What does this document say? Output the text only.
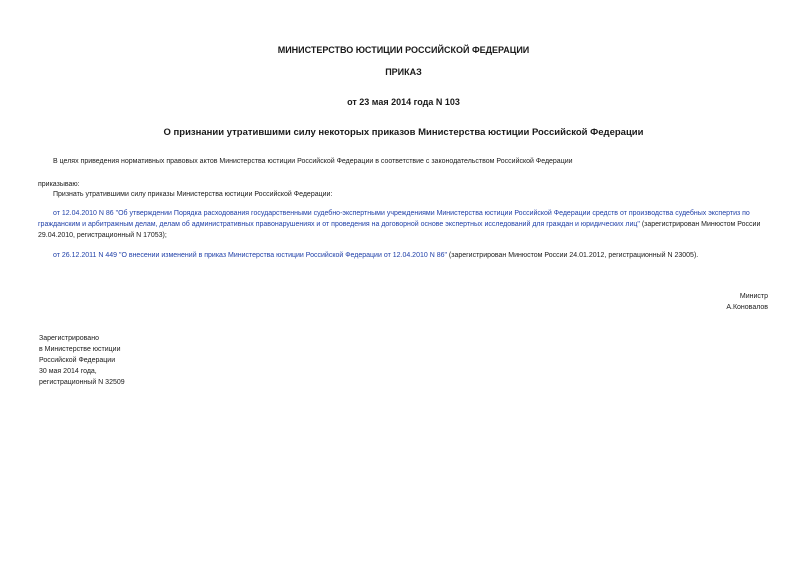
МИНИСТЕРСТВО ЮСТИЦИИ РОССИЙСКОЙ ФЕДЕРАЦИИ
ПРИКАЗ
от 23 мая 2014 года N 103
О признании утратившими силу некоторых приказов Министерства юстиции Российской Федерации
В целях приведения нормативных правовых актов Министерства юстиции Российской Федерации в соответствие с законодательством Российской Федерации
приказываю:
Признать утратившими силу приказы Министерства юстиции Российской Федерации:
от 12.04.2010 N 86 "Об утверждении Порядка расходования государственными судебно-экспертными учреждениями Министерства юстиции Российской Федерации средств от производства судебных экспертиз по гражданским и арбитражным делам, делам об административных правонарушениях и от проведения на договорной основе экспертных исследований для граждан и юридических лиц" (зарегистрирован Минюстом России 29.04.2010, регистрационный N 17053);
от 26.12.2011 N 449 "О внесении изменений в приказ Министерства юстиции Российской Федерации от 12.04.2010 N 86" (зарегистрирован Минюстом России 24.01.2012, регистрационный N 23005).
Министр
А.Коновалов
Зарегистрировано
в Министерстве юстиции
Российской Федерации
30 мая 2014 года,
регистрационный N 32509
